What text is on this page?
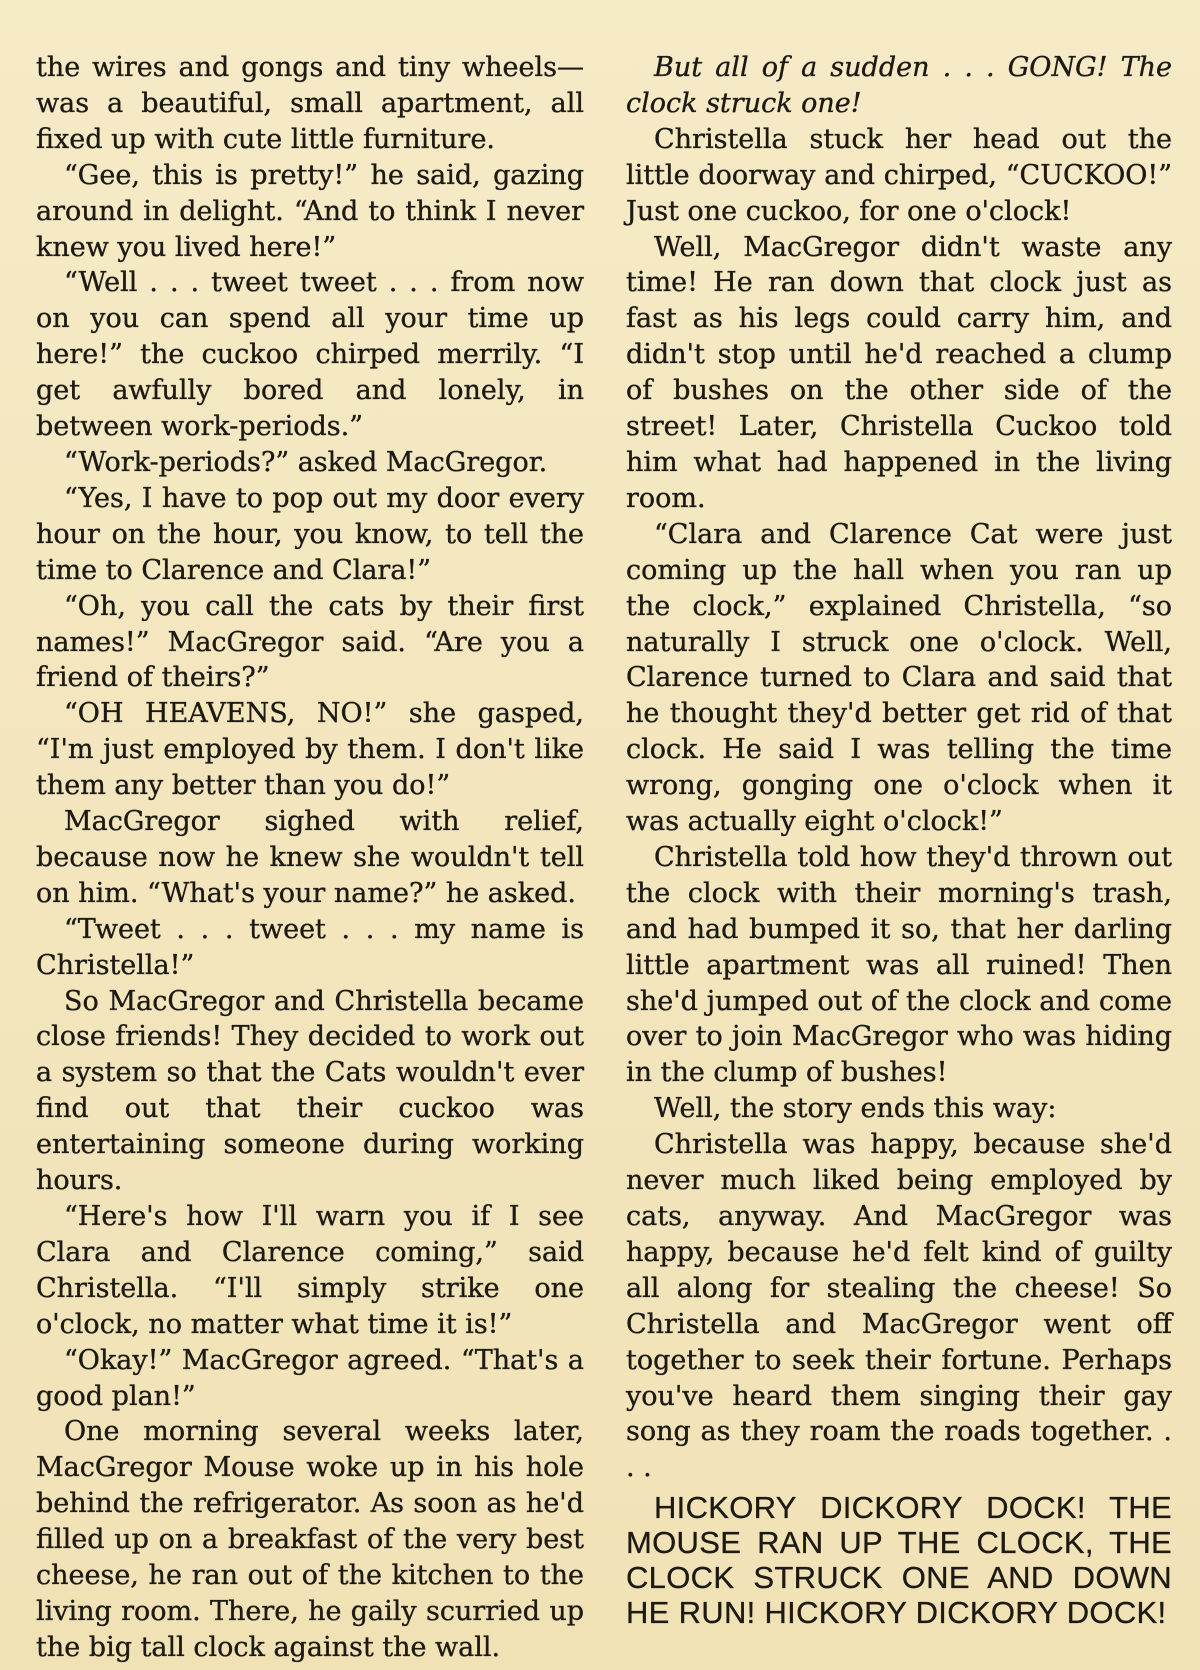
the wires and gongs and tiny wheels—was a beautiful, small apartment, all fixed up with cute little furniture.

“Gee, this is pretty!” he said, gazing around in delight. “And to think I never knew you lived here!”

“Well . . . tweet tweet . . . from now on you can spend all your time up here!” the cuckoo chirped merrily. “I get awfully bored and lonely, in between work-periods.”

“Work-periods?” asked MacGregor.

“Yes, I have to pop out my door every hour on the hour, you know, to tell the time to Clarence and Clara!”

“Oh, you call the cats by their first names!” MacGregor said. “Are you a friend of theirs?”

“OH HEAVENS, NO!” she gasped, “I'm just employed by them. I don't like them any better than you do!”

MacGregor sighed with relief, because now he knew she wouldn't tell on him. “What's your name?” he asked.

“Tweet . . . tweet . . . my name is Christella!”

So MacGregor and Christella became close friends! They decided to work out a system so that the Cats wouldn't ever find out that their cuckoo was entertaining someone during working hours.

“Here's how I'll warn you if I see Clara and Clarence coming,” said Christella. “I'll simply strike one o'clock, no matter what time it is!”

“Okay!” MacGregor agreed. “That's a good plan!”

One morning several weeks later, MacGregor Mouse woke up in his hole behind the refrigerator. As soon as he'd filled up on a breakfast of the very best cheese, he ran out of the kitchen to the living room. There, he gaily scurried up the big tall clock against the wall.

But all of a sudden . . . GONG! The clock struck one!

Christella stuck her head out the little doorway and chirped, “CUCKOO!” Just one cuckoo, for one o'clock!

Well, MacGregor didn't waste any time! He ran down that clock just as fast as his legs could carry him, and didn't stop until he'd reached a clump of bushes on the other side of the street! Later, Christella Cuckoo told him what had happened in the living room.

“Clara and Clarence Cat were just coming up the hall when you ran up the clock,” explained Christella, “so naturally I struck one o'clock. Well, Clarence turned to Clara and said that he thought they'd better get rid of that clock. He said I was telling the time wrong, gonging one o'clock when it was actually eight o'clock!”

Christella told how they'd thrown out the clock with their morning's trash, and had bumped it so, that her darling little apartment was all ruined! Then she'd jumped out of the clock and come over to join MacGregor who was hiding in the clump of bushes!

Well, the story ends this way:

Christella was happy, because she'd never much liked being employed by cats, anyway. And MacGregor was happy, because he'd felt kind of guilty all along for stealing the cheese! So Christella and MacGregor went off together to seek their fortune. Perhaps you've heard them singing their gay song as they roam the roads together. . . .

HICKORY DICKORY DOCK! THE MOUSE RAN UP THE CLOCK, THE CLOCK STRUCK ONE AND DOWN HE RUN! HICKORY DICKORY DOCK!
